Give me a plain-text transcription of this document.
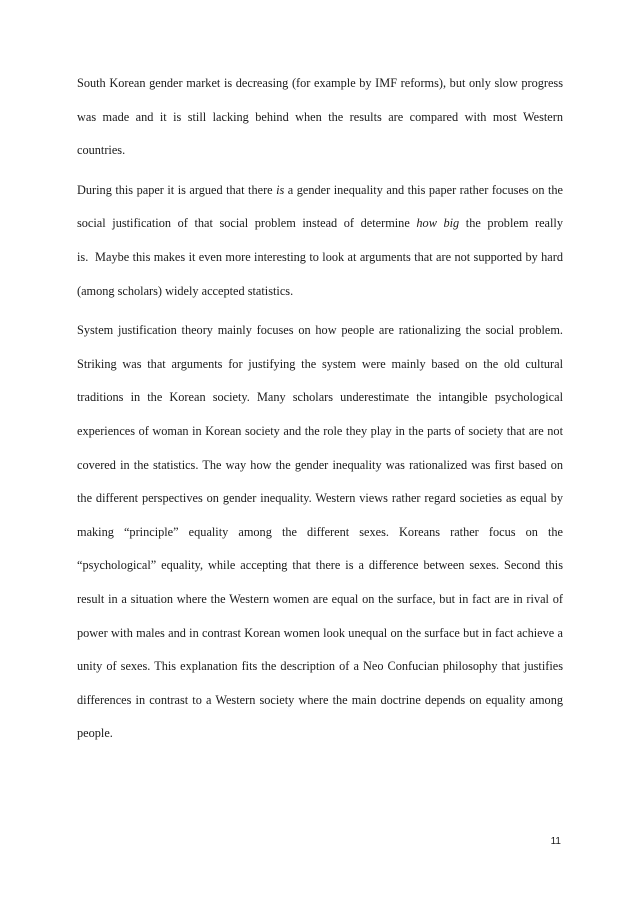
South Korean gender market is decreasing (for example by IMF reforms), but only slow progress was made and it is still lacking behind when the results are compared with most Western countries.

During this paper it is argued that there is a gender inequality and this paper rather focuses on the social justification of that social problem instead of determine how big the problem really is.  Maybe this makes it even more interesting to look at arguments that are not supported by hard (among scholars) widely accepted statistics.

System justification theory mainly focuses on how people are rationalizing the social problem. Striking was that arguments for justifying the system were mainly based on the old cultural traditions in the Korean society. Many scholars underestimate the intangible psychological experiences of woman in Korean society and the role they play in the parts of society that are not covered in the statistics. The way how the gender inequality was rationalized was first based on the different perspectives on gender inequality. Western views rather regard societies as equal by making “principle” equality among the different sexes. Koreans rather focus on the “psychological” equality, while accepting that there is a difference between sexes. Second this result in a situation where the Western women are equal on the surface, but in fact are in rival of power with males and in contrast Korean women look unequal on the surface but in fact achieve a unity of sexes. This explanation fits the description of a Neo Confucian philosophy that justifies differences in contrast to a Western society where the main doctrine depends on equality among people.

11
